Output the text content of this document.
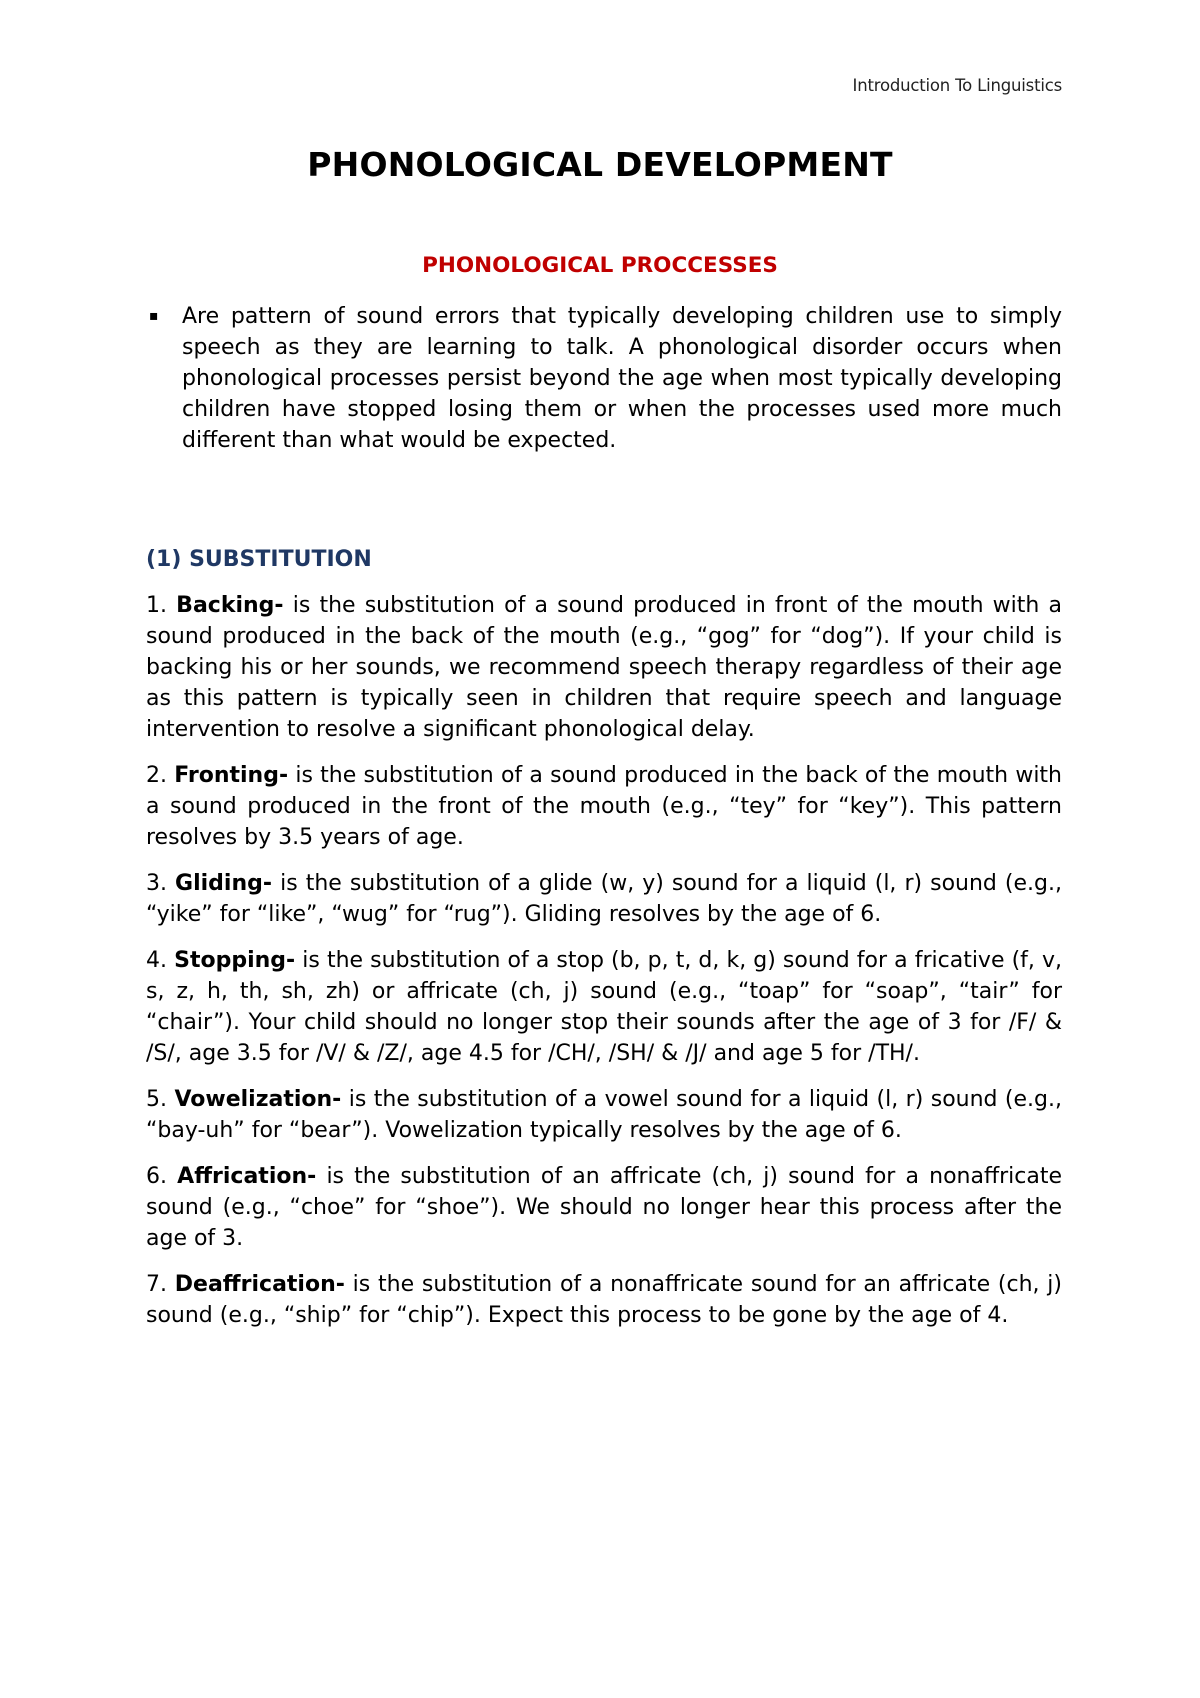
Introduction To Linguistics
PHONOLOGICAL DEVELOPMENT
PHONOLOGICAL PROCCESSES
▪ Are pattern of sound errors that typically developing children use to simply speech as they are learning to talk. A phonological disorder occurs when phonological processes persist beyond the age when most typically developing children have stopped losing them or when the processes used more much different than what would be expected.
(1) SUBSTITUTION

1. Backing- is the substitution of a sound produced in front of the mouth with a sound produced in the back of the mouth (e.g., “gog” for “dog”). If your child is backing his or her sounds, we recommend speech therapy regardless of their age as this pattern is typically seen in children that require speech and language intervention to resolve a significant phonological delay.

2. Fronting- is the substitution of a sound produced in the back of the mouth with a sound produced in the front of the mouth (e.g., “tey” for “key”). This pattern resolves by 3.5 years of age.

3. Gliding- is the substitution of a glide (w, y) sound for a liquid (l, r) sound (e.g., “yike” for “like”, “wug” for “rug”). Gliding resolves by the age of 6.

4. Stopping- is the substitution of a stop (b, p, t, d, k, g) sound for a fricative (f, v, s, z, h, th, sh, zh) or affricate (ch, j) sound (e.g., “toap” for “soap”, “tair” for “chair”). Your child should no longer stop their sounds after the age of 3 for /F/ & /S/, age 3.5 for /V/ & /Z/, age 4.5 for /CH/, /SH/ & /J/ and age 5 for /TH/.

5. Vowelization- is the substitution of a vowel sound for a liquid (l, r) sound (e.g., “bay-uh” for “bear”). Vowelization typically resolves by the age of 6.

6. Affrication- is the substitution of an affricate (ch, j) sound for a nonaffricate sound (e.g., “choe” for “shoe”). We should no longer hear this process after the age of 3.

7. Deaffrication- is the substitution of a nonaffricate sound for an affricate (ch, j) sound (e.g., “ship” for “chip”). Expect this process to be gone by the age of 4.
